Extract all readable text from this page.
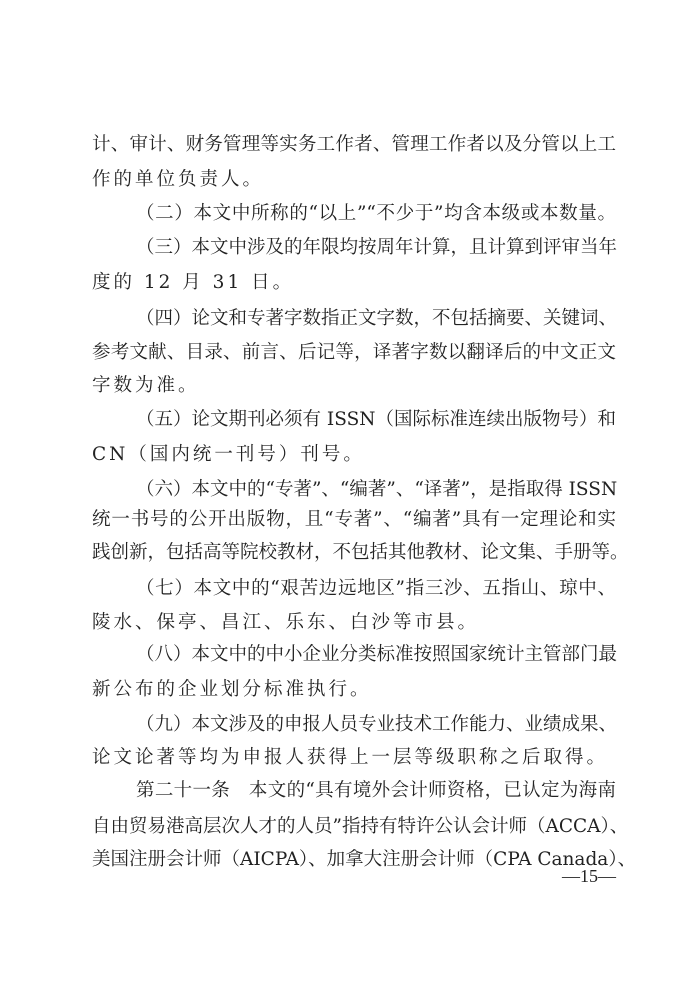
—15—
计、审计、财务管理等实务工作者、管理工作者以及分管以上工
作的单位负责人。
（二）本文中所称的“以上”“不少于”均含本级或本数量。
（三）本文中涉及的年限均按周年计算，且计算到评审当年
度的 12 月 31 日。
（四）论文和专著字数指正文字数，不包括摘要、关键词、
参考文献、目录、前言、后记等，译著字数以翻译后的中文正文
字数为准。
（五）论文期刊必须有 ISSN（国际标准连续出版物号）和
CN（国内统一刊号）刊号。
（六）本文中的“专著”、“编著”、“译著”，是指取得 ISSN
统一书号的公开出版物，且“专著”、“编著”具有一定理论和实
践创新，包括高等院校教材，不包括其他教材、论文集、手册等。
（七）本文中的“艰苦边远地区”指三沙、五指山、琼中、
陵水、保亭、昌江、乐东、白沙等市县。
（八）本文中的中小企业分类标准按照国家统计主管部门最
新公布的企业划分标准执行。
（九）本文涉及的申报人员专业技术工作能力、业绩成果、
论文论著等均为申报人获得上一层等级职称之后取得。
第二十一条　本文的“具有境外会计师资格，已认定为海南
自由贸易港高层次人才的人员”指持有特许公认会计师（ACCA）、
美国注册会计师（AICPA）、加拿大注册会计师（CPA Canada）、
